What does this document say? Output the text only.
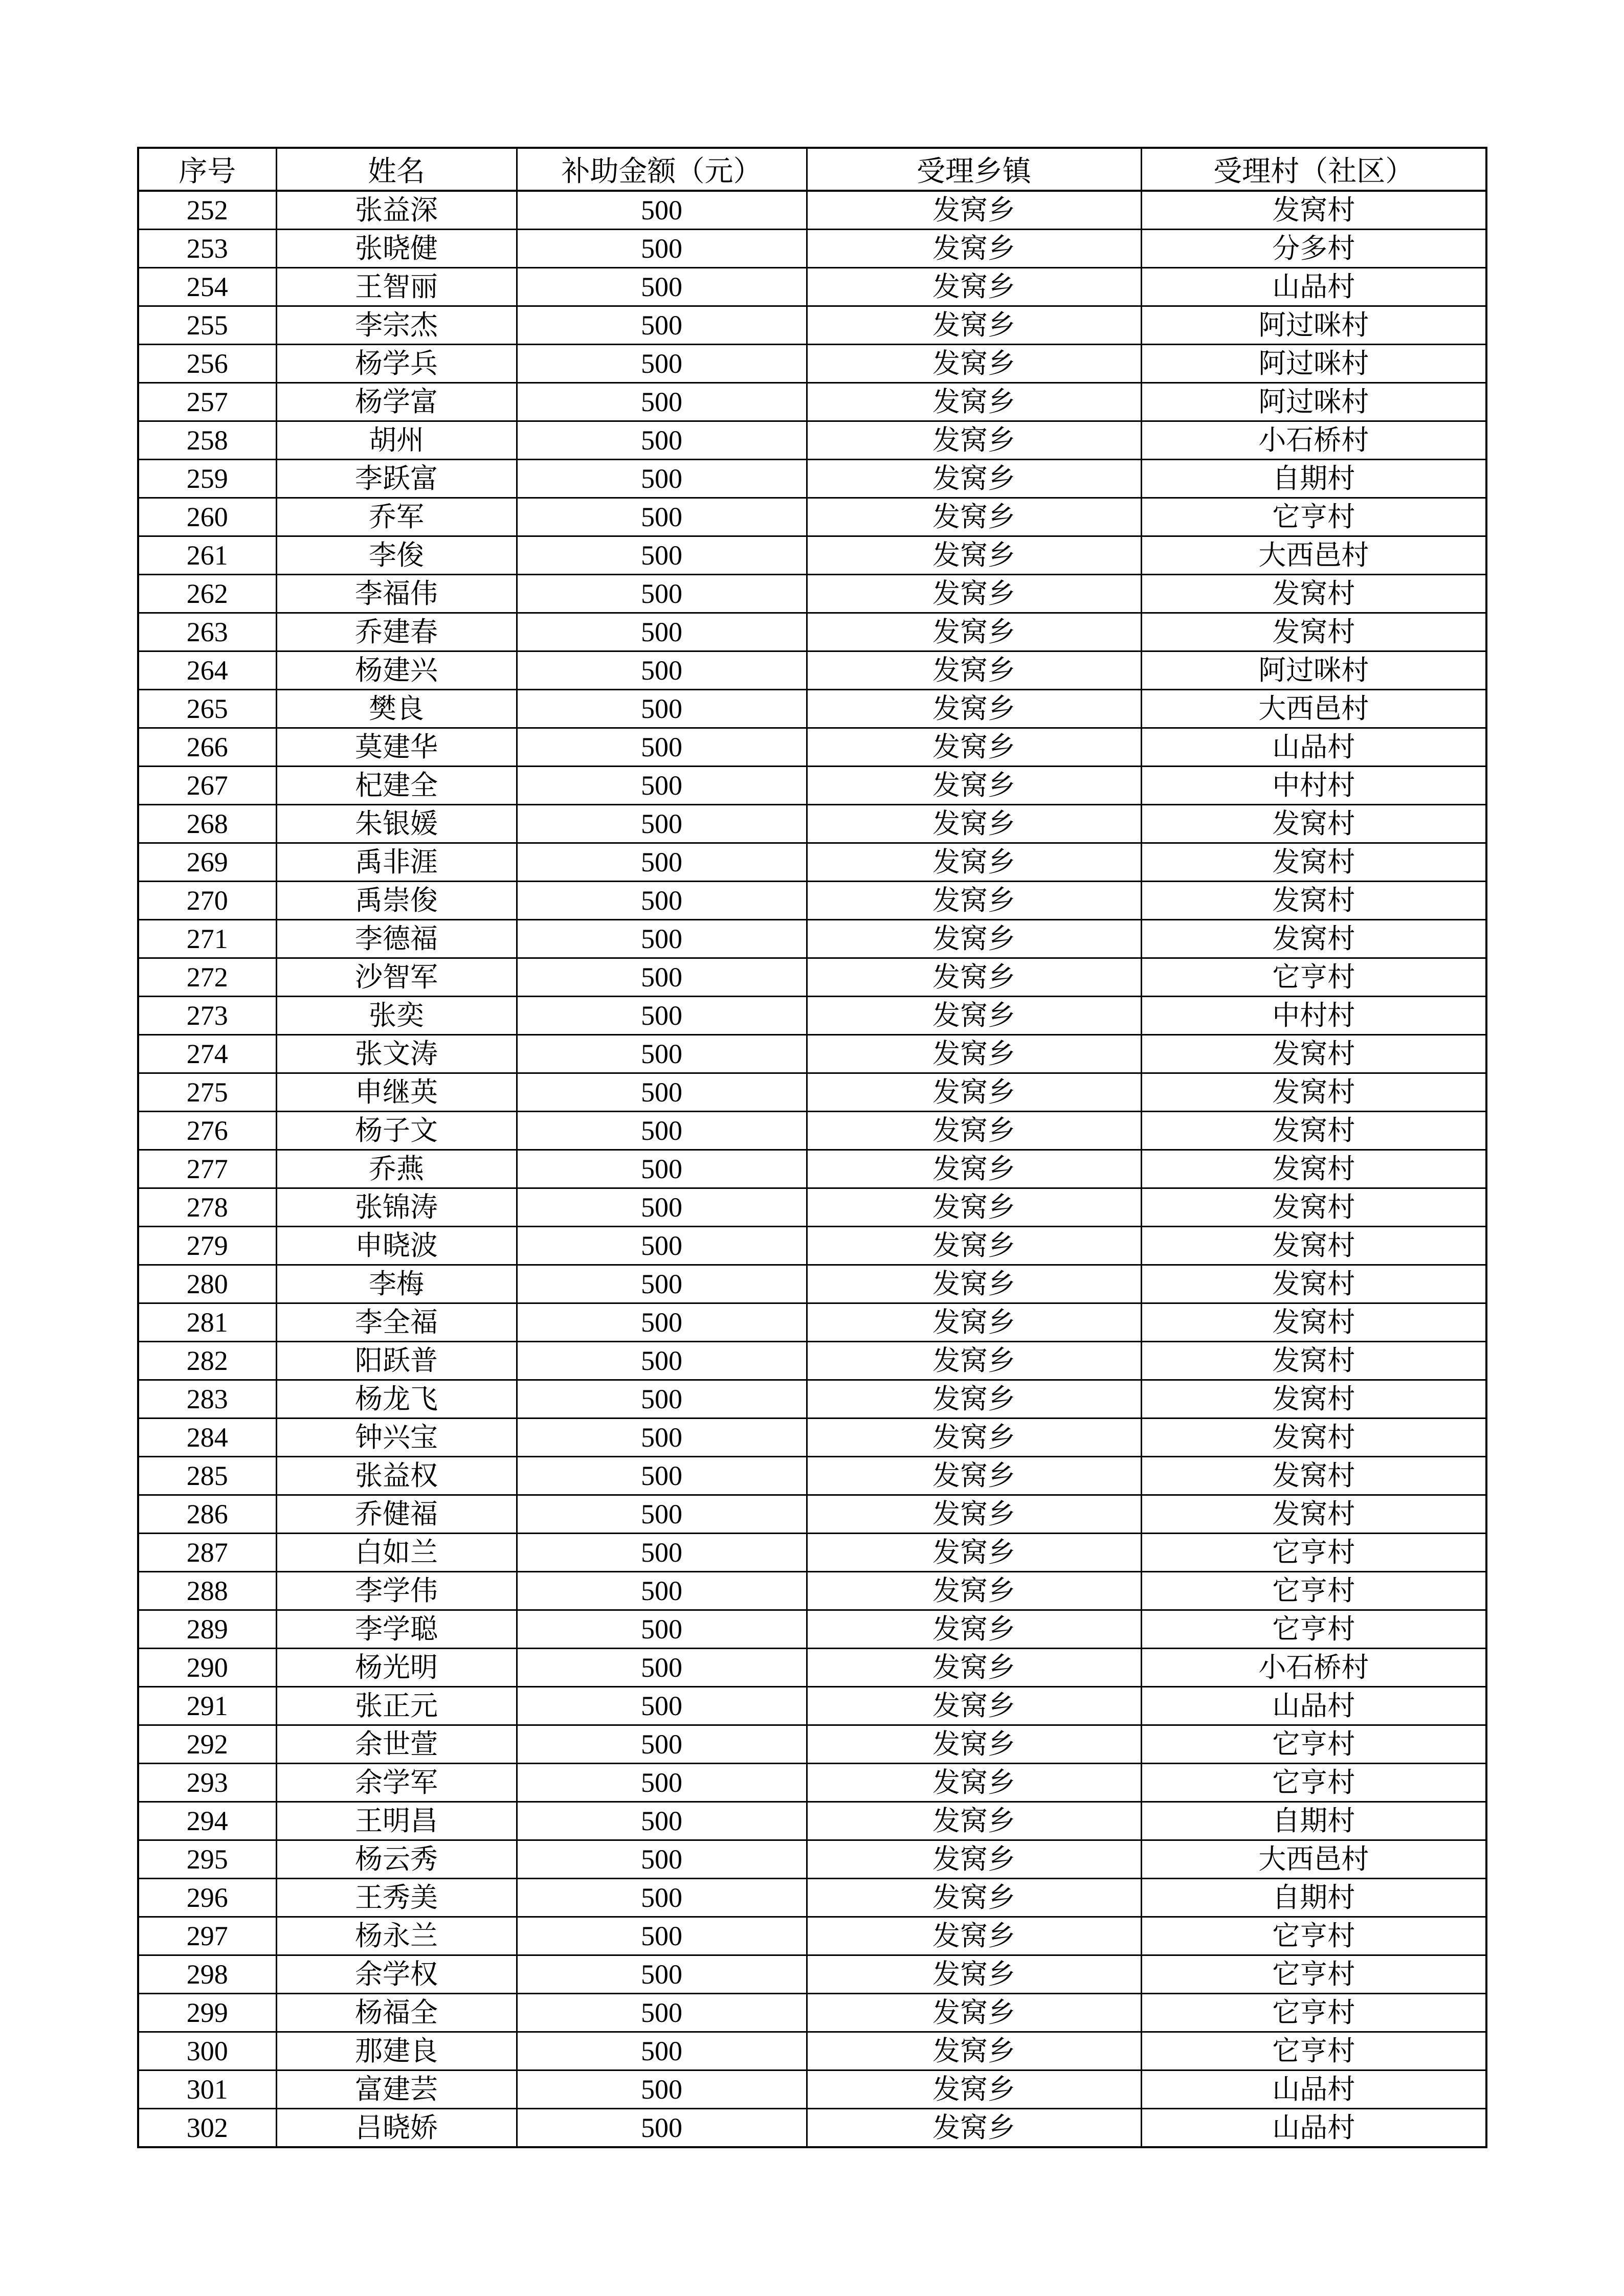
序号	姓名	补助金额（元）	受理乡镇	受理村（社区）
252	张益深	500	发窝乡	发窝村
253	张晓健	500	发窝乡	分多村
254	王智丽	500	发窝乡	山品村
255	李宗杰	500	发窝乡	阿过咪村
256	杨学兵	500	发窝乡	阿过咪村
257	杨学富	500	发窝乡	阿过咪村
258	胡州	500	发窝乡	小石桥村
259	李跃富	500	发窝乡	自期村
260	乔军	500	发窝乡	它亨村
261	李俊	500	发窝乡	大西邑村
262	李福伟	500	发窝乡	发窝村
263	乔建春	500	发窝乡	发窝村
264	杨建兴	500	发窝乡	阿过咪村
265	樊良	500	发窝乡	大西邑村
266	莫建华	500	发窝乡	山品村
267	杞建全	500	发窝乡	中村村
268	朱银媛	500	发窝乡	发窝村
269	禹非涯	500	发窝乡	发窝村
270	禹崇俊	500	发窝乡	发窝村
271	李德福	500	发窝乡	发窝村
272	沙智军	500	发窝乡	它亨村
273	张奕	500	发窝乡	中村村
274	张文涛	500	发窝乡	发窝村
275	申继英	500	发窝乡	发窝村
276	杨子文	500	发窝乡	发窝村
277	乔燕	500	发窝乡	发窝村
278	张锦涛	500	发窝乡	发窝村
279	申晓波	500	发窝乡	发窝村
280	李梅	500	发窝乡	发窝村
281	李全福	500	发窝乡	发窝村
282	阳跃普	500	发窝乡	发窝村
283	杨龙飞	500	发窝乡	发窝村
284	钟兴宝	500	发窝乡	发窝村
285	张益权	500	发窝乡	发窝村
286	乔健福	500	发窝乡	发窝村
287	白如兰	500	发窝乡	它亨村
288	李学伟	500	发窝乡	它亨村
289	李学聪	500	发窝乡	它亨村
290	杨光明	500	发窝乡	小石桥村
291	张正元	500	发窝乡	山品村
292	余世萱	500	发窝乡	它亨村
293	余学军	500	发窝乡	它亨村
294	王明昌	500	发窝乡	自期村
295	杨云秀	500	发窝乡	大西邑村
296	王秀美	500	发窝乡	自期村
297	杨永兰	500	发窝乡	它亨村
298	余学权	500	发窝乡	它亨村
299	杨福全	500	发窝乡	它亨村
300	那建良	500	发窝乡	它亨村
301	富建芸	500	发窝乡	山品村
302	吕晓娇	500	发窝乡	山品村
